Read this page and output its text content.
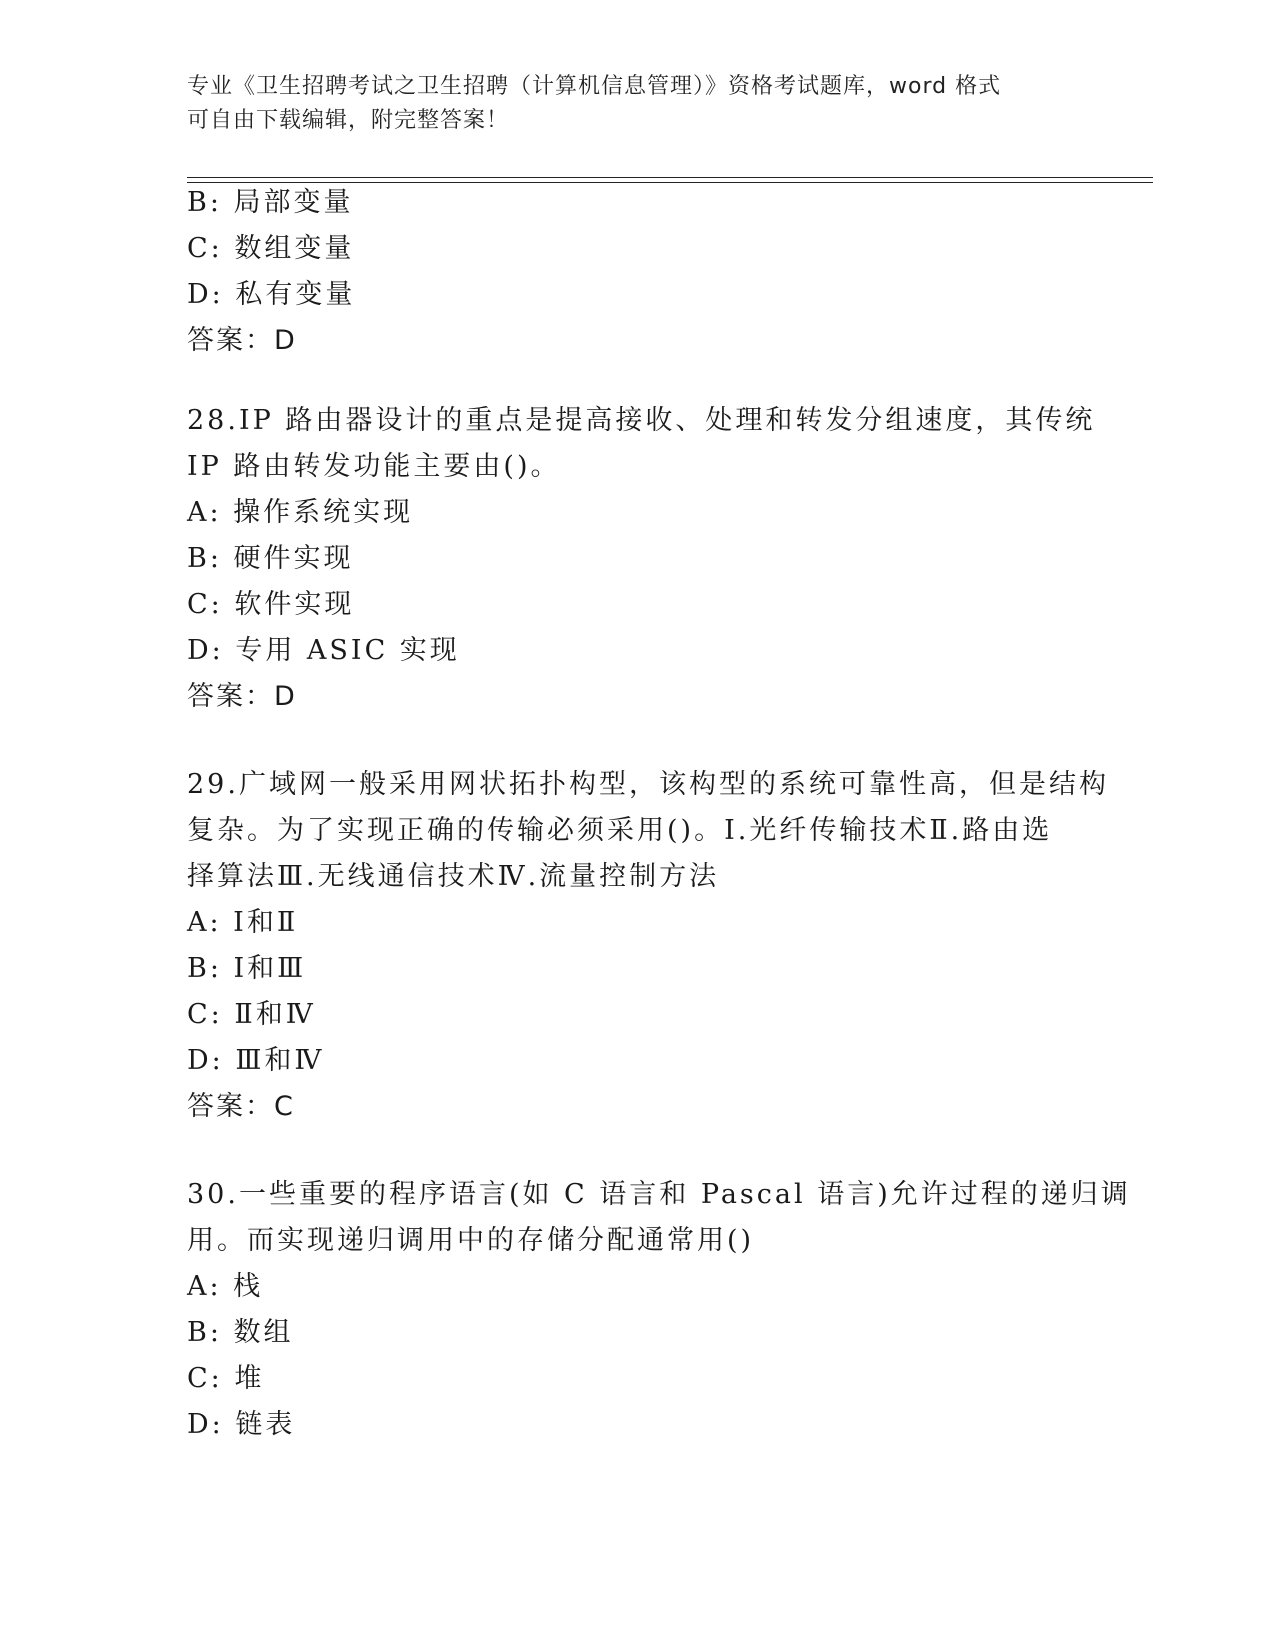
专业《卫生招聘考试之卫生招聘（计算机信息管理）》资格考试题库，word 格式
可自由下载编辑，附完整答案！
B: 局部变量
C: 数组变量
D: 私有变量
答案：D
28.IP 路由器设计的重点是提高接收、处理和转发分组速度，其传统
IP 路由转发功能主要由()。
A: 操作系统实现
B: 硬件实现
C: 软件实现
D: 专用 ASIC 实现
答案：D
29.广域网一般采用网状拓扑构型，该构型的系统可靠性高，但是结构
复杂。为了实现正确的传输必须采用()。Ⅰ.光纤传输技术Ⅱ.路由选
择算法Ⅲ.无线通信技术Ⅳ.流量控制方法
A: Ⅰ和Ⅱ
B: Ⅰ和Ⅲ
C: Ⅱ和Ⅳ
D: Ⅲ和Ⅳ
答案：C
30.一些重要的程序语言(如 C 语言和 Pascal 语言)允许过程的递归调
用。而实现递归调用中的存储分配通常用()
A: 栈
B: 数组
C: 堆
D: 链表
